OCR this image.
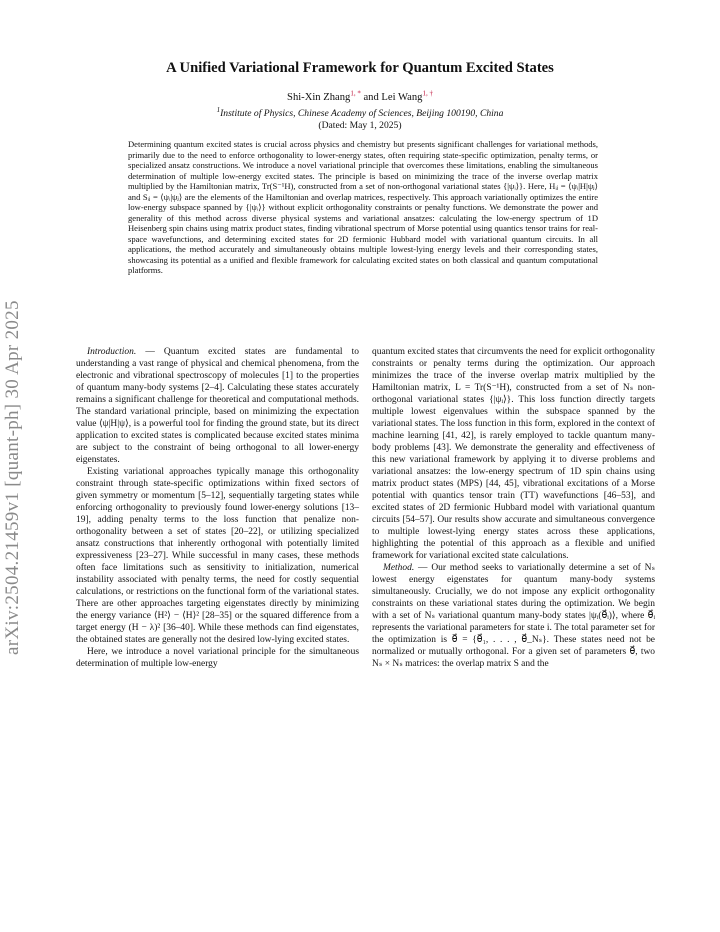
arXiv:2504.21459v1 [quant-ph] 30 Apr 2025
A Unified Variational Framework for Quantum Excited States
Shi-Xin Zhang$^{1, *}$ and Lei Wang$^{1, \dagger}$
$^1$Institute of Physics, Chinese Academy of Sciences, Beijing 100190, China
(Dated: May 1, 2025)
Determining quantum excited states is crucial across physics and chemistry but presents significant challenges for variational methods, primarily due to the need to enforce orthogonality to lower-energy states, often requiring state-specific optimization, penalty terms, or specialized ansatz constructions. We introduce a novel variational principle that overcomes these limitations, enabling the simultaneous determination of multiple low-energy excited states. The principle is based on minimizing the trace of the inverse overlap matrix multiplied by the Hamiltonian matrix, Tr(S⁻¹H), constructed from a set of non-orthogonal variational states {|ψᵢ⟩}. Here, Hᵢⱼ = ⟨ψᵢ|H|ψⱼ⟩ and Sᵢⱼ = ⟨ψᵢ|ψⱼ⟩ are the elements of the Hamiltonian and overlap matrices, respectively. This approach variationally optimizes the entire low-energy subspace spanned by {|ψᵢ⟩} without explicit orthogonality constraints or penalty functions. We demonstrate the power and generality of this method across diverse physical systems and variational ansatzes: calculating the low-energy spectrum of 1D Heisenberg spin chains using matrix product states, finding vibrational spectrum of Morse potential using quantics tensor trains for real-space wavefunctions, and determining excited states for 2D fermionic Hubbard model with variational quantum circuits. In all applications, the method accurately and simultaneously obtains multiple lowest-lying energy levels and their corresponding states, showcasing its potential as a unified and flexible framework for calculating excited states on both classical and quantum computational platforms.

Introduction. — Quantum excited states are fundamental to understanding a vast range of physical and chemical phenomena, from the electronic and vibrational spectroscopy of molecules [1] to the properties of quantum many-body systems [2–4]. Calculating these states accurately remains a significant challenge for theoretical and computational methods. The standard variational principle, based on minimizing the expectation value ⟨ψ|H|ψ⟩, is a powerful tool for finding the ground state, but its direct application to excited states is complicated because excited states minima are subject to the constraint of being orthogonal to all lower-energy eigenstates.

Existing variational approaches typically manage this orthogonality constraint through state-specific optimizations within fixed sectors of given symmetry or momentum [5–12], sequentially targeting states while enforcing orthogonality to previously found lower-energy solutions [13–19], adding penalty terms to the loss function that penalize non-orthogonality between a set of states [20–22], or utilizing specialized ansatz constructions that inherently orthogonal with potentially limited expressiveness [23–27]. While successful in many cases, these methods often face limitations such as sensitivity to initialization, numerical instability associated with penalty terms, the need for costly sequential calculations, or restrictions on the functional form of the variational states. There are other approaches targeting eigenstates directly by minimizing the energy variance ⟨H²⟩ − ⟨H⟩² [28–35] or the squared difference from a target energy (H − λ)² [36–40]. While these methods can find eigenstates, the obtained states are generally not the desired low-lying excited states.

Here, we introduce a novel variational principle for the simultaneous determination of multiple low-energy

quantum excited states that circumvents the need for explicit orthogonality constraints or penalty terms during the optimization. Our approach minimizes the trace of the inverse overlap matrix multiplied by the Hamiltonian matrix, L = Tr(S⁻¹H), constructed from a set of Nₛ non-orthogonal variational states {|ψᵢ⟩}. This loss function directly targets multiple lowest eigenvalues within the subspace spanned by the variational states. The loss function in this form, explored in the context of machine learning [41, 42], is rarely employed to tackle quantum many-body problems [43]. We demonstrate the generality and effectiveness of this new variational framework by applying it to diverse problems and variational ansatzes: the low-energy spectrum of 1D spin chains using matrix product states (MPS) [44, 45], vibrational excitations of a Morse potential with quantics tensor train (TT) wavefunctions [46–53], and excited states of 2D fermionic Hubbard model with variational quantum circuits [54–57]. Our results show accurate and simultaneous convergence to multiple lowest-lying energy states across these applications, highlighting the potential of this approach as a flexible and unified framework for variational excited state calculations.

Method. — Our method seeks to variationally determine a set of Nₛ lowest energy eigenstates for quantum many-body systems simultaneously. Crucially, we do not impose any explicit orthogonality constraints on these variational states during the optimization. We begin with a set of Nₛ variational quantum many-body states |ψᵢ(θ⃗ᵢ)⟩, where θ⃗ᵢ represents the variational parameters for state i. The total parameter set for the optimization is θ⃗ = {θ⃗₁, . . . , θ⃗_Nₛ}. These states need not be normalized or mutually orthogonal. For a given set of parameters θ⃗, two Nₛ × Nₛ matrices: the overlap matrix S and the
